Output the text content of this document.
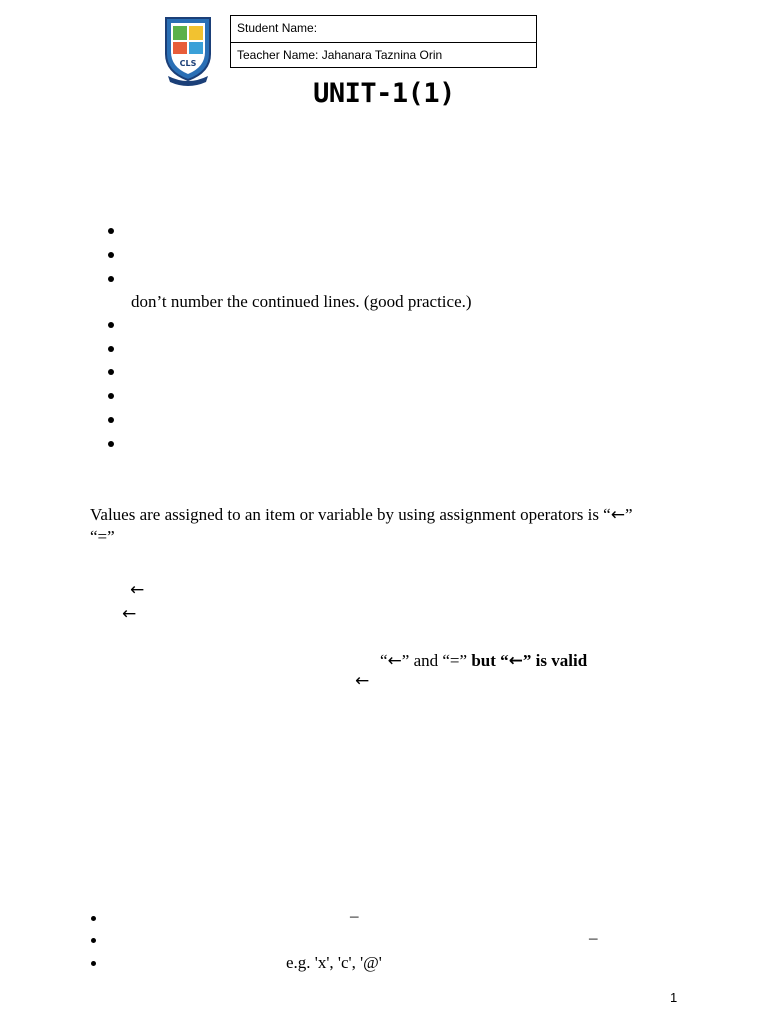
CLS
Student Name:
Teacher Name: Jahanara Taznina Orin
UNIT-1(1)
don’t number the continued lines. (good practice.)
Values are assigned to an item or variable by using assignment operators is “←”
“=”
←
←
“←” and “=” but “←” is valid
←
–
–
e.g. 'x', 'c', '@'
1
